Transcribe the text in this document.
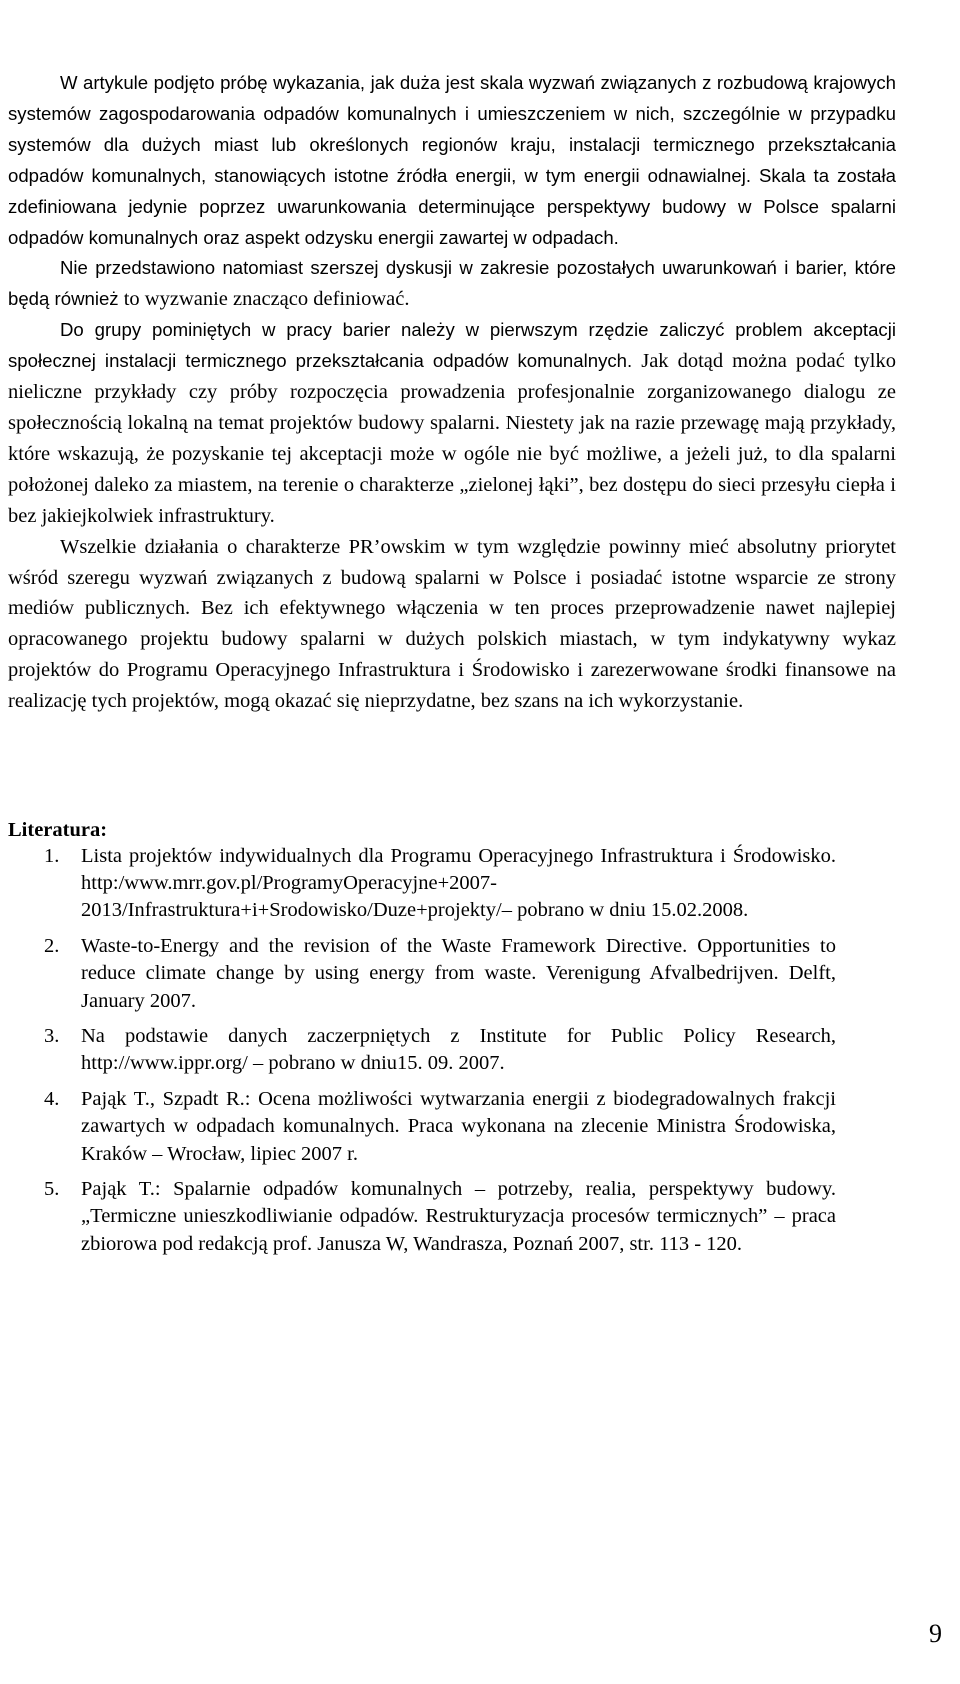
W artykule podjęto próbę wykazania, jak duża jest skala wyzwań związanych z rozbudową krajowych systemów zagospodarowania odpadów komunalnych i umieszczeniem w nich, szczególnie w przypadku systemów dla dużych miast lub określonych regionów kraju, instalacji termicznego przekształcania odpadów komunalnych, stanowiących istotne źródła energii, w tym energii odnawialnej. Skala ta została zdefiniowana jedynie poprzez uwarunkowania determinujące perspektywy budowy w Polsce spalarni odpadów komunalnych oraz aspekt odzysku energii zawartej w odpadach.

Nie przedstawiono natomiast szerszej dyskusji w zakresie pozostałych uwarunkowań i barier, które będą również to wyzwanie znacząco definiować.

Do grupy pominiętych w pracy barier należy w pierwszym rzędzie zaliczyć problem akceptacji społecznej instalacji termicznego przekształcania odpadów komunalnych. Jak dotąd można podać tylko nieliczne przykłady czy próby rozpoczęcia prowadzenia profesjonalnie zorganizowanego dialogu ze społecznością lokalną na temat projektów budowy spalarni. Niestety jak na razie przewagę mają przykłady, które wskazują, że pozyskanie tej akceptacji może w ogóle nie być możliwe, a jeżeli już, to dla spalarni położonej daleko za miastem, na terenie o charakterze „zielonej łąki”, bez dostępu do sieci przesyłu ciepła i bez jakiejkolwiek infrastruktury.

Wszelkie działania o charakterze PR’owskim w tym względzie powinny mieć absolutny priorytet wśród szeregu wyzwań związanych z budową spalarni w Polsce i posiadać istotne wsparcie ze strony mediów publicznych. Bez ich efektywnego włączenia w ten proces przeprowadzenie nawet najlepiej opracowanego projektu budowy spalarni w dużych polskich miastach, w tym indykatywny wykaz projektów do Programu Operacyjnego Infrastruktura i Środowisko i zarezerwowane środki finansowe na realizację tych projektów, mogą okazać się nieprzydatne, bez szans na ich wykorzystanie.

Literatura:
1. Lista projektów indywidualnych dla Programu Operacyjnego Infrastruktura i Środowisko. http:/www.mrr.gov.pl/ProgramyOperacyjne+2007-2013/Infrastruktura+i+Srodowisko/Duze+projekty/– pobrano w dniu 15.02.2008.
2. Waste-to-Energy and the revision of the Waste Framework Directive. Opportunities to reduce climate change by using energy from waste. Verenigung Afvalbedrijven. Delft, January 2007.
3. Na podstawie danych zaczerpniętych z Institute for Public Policy Research, http://www.ippr.org/ – pobrano w dniu15. 09. 2007.
4. Pająk T., Szpadt R.: Ocena możliwości wytwarzania energii z biodegradowalnych frakcji zawartych w odpadach komunalnych. Praca wykonana na zlecenie Ministra Środowiska, Kraków – Wrocław, lipiec 2007 r.
5. Pająk T.: Spalarnie odpadów komunalnych – potrzeby, realia, perspektywy budowy. „Termiczne unieszkodliwianie odpadów. Restrukturyzacja procesów termicznych” – praca zbiorowa pod redakcją prof. Janusza W, Wandrasza, Poznań 2007, str. 113 - 120.

9
